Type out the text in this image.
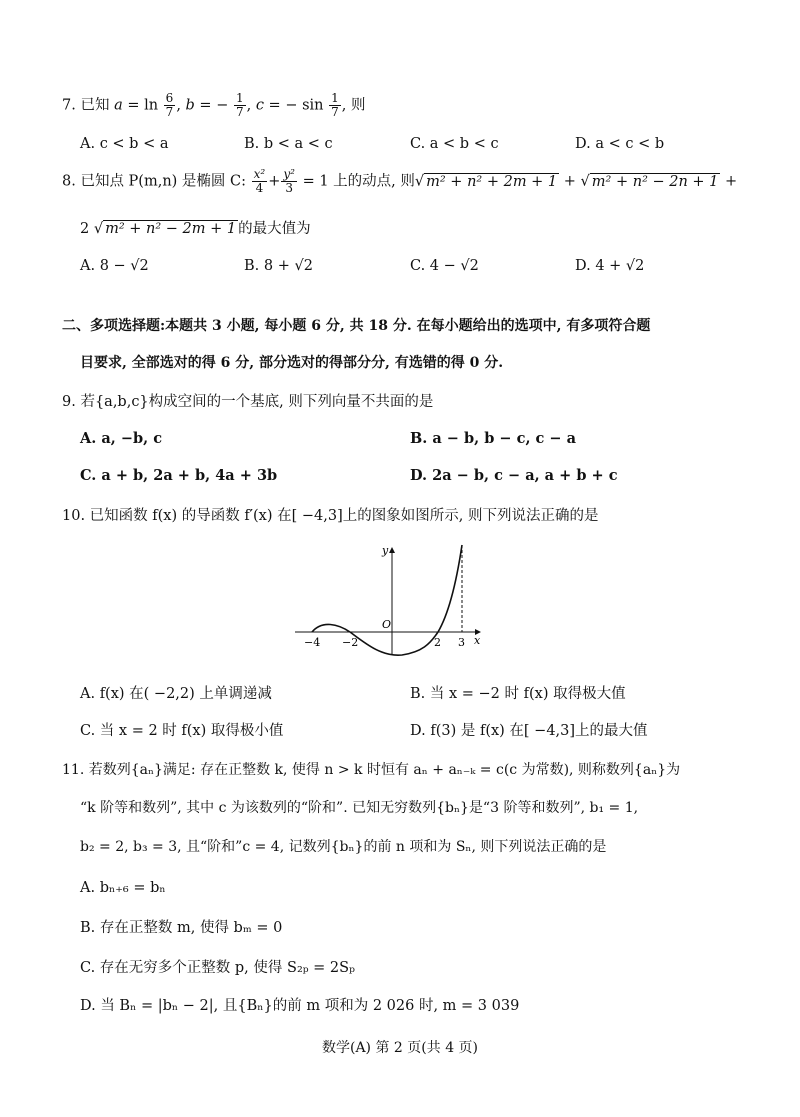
7. 已知 $a = \ln \frac{6}{7}$ , b = − $\frac{1}{7}$ , c = − $\sin \frac{1}{7}$ , 则
A. c < b < a	B. b < a < c	C. a < b < c	D. a < c < b
8. 已知点 P(m,n) 是椭圆 C: $\frac{\text{x²}}{4} + \frac{\text{y²}}{3} = 1$ 上的动点, 则√ m² + n² + 2m + 1 + √ m² + n² − 2n + 1 +
2 √ m² + n² − 2m + 1 的最大值为
A. 8 − √2	B. 8 + √2	C. 4 − √2	D. 4 + √2
二、多项选择题:本题共 3 小题, 每小题 6 分, 共 18 分. 在每小题给出的选项中, 有多项符合题
目要求, 全部选对的得 6 分, 部分选对的得部分分, 有选错的得 0 分.
9. 若{a,b,c}构成空间的一个基底, 则下列向量不共面的是
A. a, −b, c	B. a − b, b − c, c − a
C. a + b, 2a + b, 4a + 3b	D. 2a − b, c − a, a + b + c
10. 已知函数 f(x) 的导函数 f′(x) 在[ −4,3]上的图象如图所示, 则下列说法正确的是
y
x
O
−4 −2	2 3
A. f(x) 在( −2,2) 上单调递减	B. 当 x = −2 时 f(x) 取得极大值
C. 当 x = 2 时 f(x) 取得极小值	D. f(3) 是 f(x) 在[ −4,3]上的最大值
11. 若数列{aₙ}满足: 存在正整数 k, 使得 n > k 时恒有 aₙ + aₙ₋ₖ = c(c 为常数), 则称数列{aₙ}为
“k 阶等和数列”, 其中 c 为该数列的“阶和”. 已知无穷数列{bₙ}是“3 阶等和数列”, b₁ = 1,
b₂ = 2, b₃ = 3, 且“阶和”c = 4, 记数列{bₙ}的前 n 项和为 Sₙ, 则下列说法正确的是
A. bₙ₊₆ = bₙ
B. 存在正整数 m, 使得 bₘ = 0
C. 存在无穷多个正整数 p, 使得 S₂ₚ = 2Sₚ
D. 当 Bₙ = |bₙ − 2|, 且{Bₙ}的前 m 项和为 2 026 时, m = 3 039
数学(A) 第 2 页(共 4 页)
